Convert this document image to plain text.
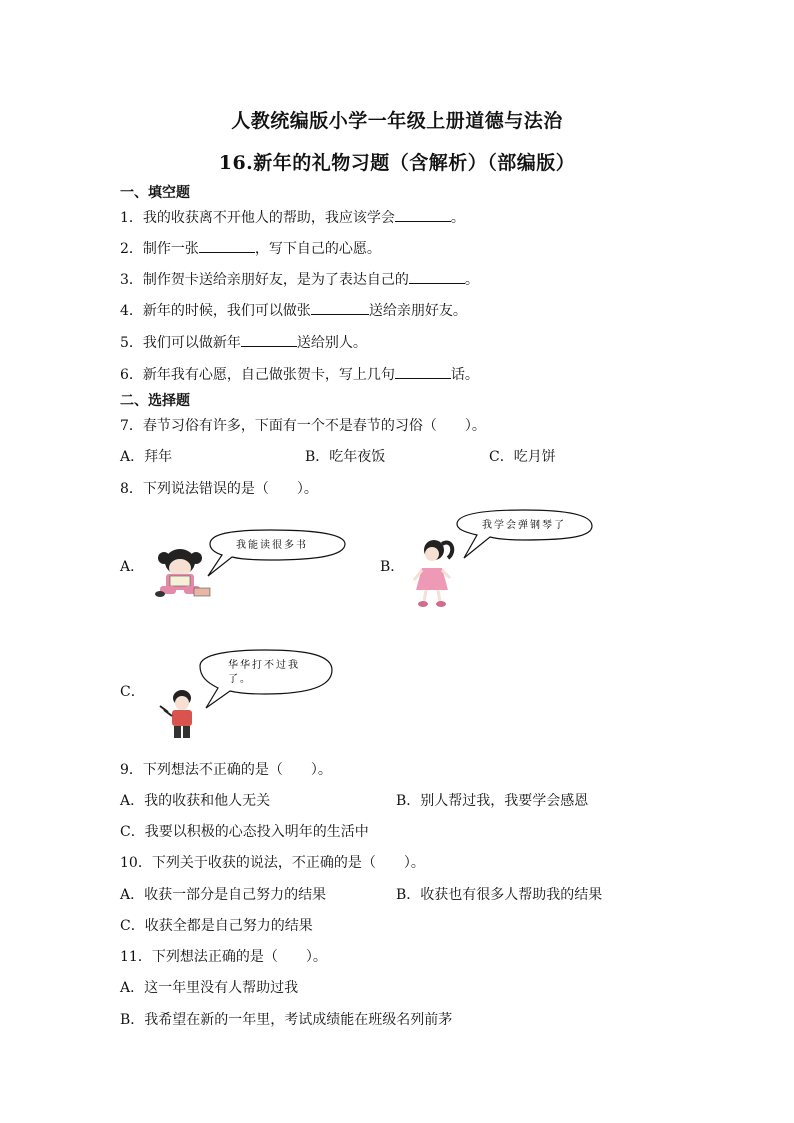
人教统编版小学一年级上册道德与法治
16.新年的礼物习题（含解析）（部编版）
一、填空题
1．我的收获离不开他人的帮助，我应该学会	。
2．制作一张	，写下自己的心愿。
3．制作贺卡送给亲朋好友，是为了表达自己的	。
4．新年的时候，我们可以做张	送给亲朋好友。
5．我们可以做新年	送给别人。
6．新年我有心愿，自己做张贺卡，写上几句	话。
二、选择题
7．春节习俗有许多，下面有一个不是春节的习俗（　　）。
A．拜年	B．吃年夜饭	C．吃月饼
8．下列说法错误的是（　　）。
A．
我能读很多书
B．
我学会弹钢琴了
C．
华华打不过我
了。
9．下列想法不正确的是（　　）。
A．我的收获和他人无关	B．别人帮过我，我要学会感恩
C．我要以积极的心态投入明年的生活中
10．下列关于收获的说法，不正确的是（　　）。
A．收获一部分是自己努力的结果	B．收获也有很多人帮助我的结果
C．收获全都是自己努力的结果
11．下列想法正确的是（　　）。
A．这一年里没有人帮助过我
B．我希望在新的一年里，考试成绩能在班级名列前茅
